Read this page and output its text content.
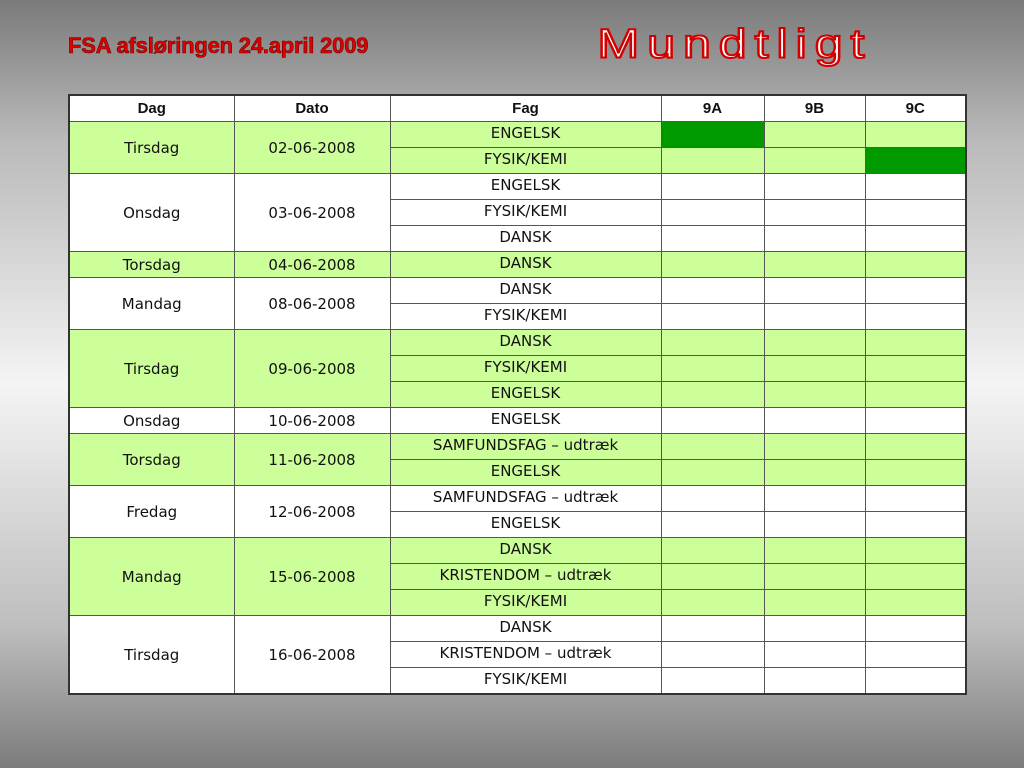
FSA afsløringen 24.april 2009	Mundtligt
Dag	Dato	Fag	9A	9B	9C
Tirsdag	02-06-2008	ENGELSK			
		FYSIK/KEMI			
Onsdag	03-06-2008	ENGELSK			
		FYSIK/KEMI			
		DANSK			
Torsdag	04-06-2008	DANSK			
Mandag	08-06-2008	DANSK			
		FYSIK/KEMI			
Tirsdag	09-06-2008	DANSK			
		FYSIK/KEMI			
		ENGELSK			
Onsdag	10-06-2008	ENGELSK			
Torsdag	11-06-2008	SAMFUNDSFAG – udtræk			
		ENGELSK			
Fredag	12-06-2008	SAMFUNDSFAG – udtræk			
		ENGELSK			
Mandag	15-06-2008	DANSK			
		KRISTENDOM – udtræk			
		FYSIK/KEMI			
Tirsdag	16-06-2008	DANSK			
		KRISTENDOM – udtræk			
		FYSIK/KEMI			
